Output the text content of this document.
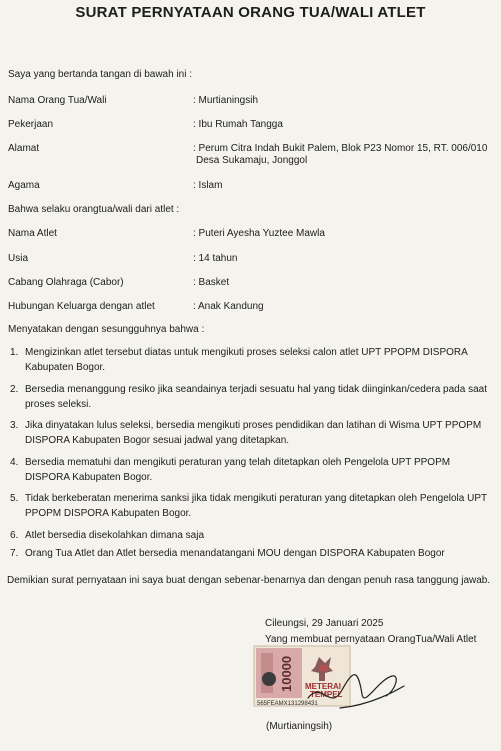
SURAT PERNYATAAN ORANG TUA/WALI ATLET
Saya yang bertanda tangan di bawah ini :
Nama Orang Tua/Wali	: Murtianingsih
Pekerjaan	: Ibu Rumah Tangga
Alamat	: Perum Citra Indah Bukit Palem, Blok P23 Nomor 15, RT. 006/010
Desa Sukamaju, Jonggol
Agama	: Islam
Bahwa selaku orangtua/wali dari atlet :
Nama Atlet	: Puteri Ayesha Yuztee Mawla
Usia	: 14 tahun
Cabang Olahraga (Cabor)	: Basket
Hubungan Keluarga dengan atlet	: Anak Kandung
Menyatakan dengan sesungguhnya bahwa :
1. Mengizinkan atlet tersebut diatas untuk mengikuti proses seleksi calon atlet UPT PPOPM DISPORA Kabupaten Bogor.
2. Bersedia menanggung resiko jika seandainya terjadi sesuatu hal yang tidak diinginkan/cedera pada saat proses seleksi.
3. Jika dinyatakan lulus seleksi, bersedia mengikuti proses pendidikan dan latihan di Wisma UPT PPOPM DISPORA Kabupaten Bogor sesuai jadwal yang ditetapkan.
4. Bersedia mematuhi dan mengikuti peraturan yang telah ditetapkan oleh Pengelola UPT PPOPM DISPORA Kabupaten Bogor.
5. Tidak berkeberatan menerima sanksi jika tidak mengikuti peraturan yang ditetapkan oleh Pengelola UPT PPOPM DISPORA Kabupaten Bogor.
6. Atlet bersedia disekolahkan dimana saja
7. Orang Tua Atlet dan Atlet bersedia menandatangani MOU dengan DISPORA Kabupaten Bogor
Demikian surat pernyataan ini saya buat dengan sebenar-benarnya dan dengan penuh rasa tanggung jawab.
Cileungsi, 29 Januari 2025
Yang membuat pernyataan OrangTua/Wali Atlet
10000 METERAI
TEMPEL
565FEAMX131298431
(Murtianingsih)
